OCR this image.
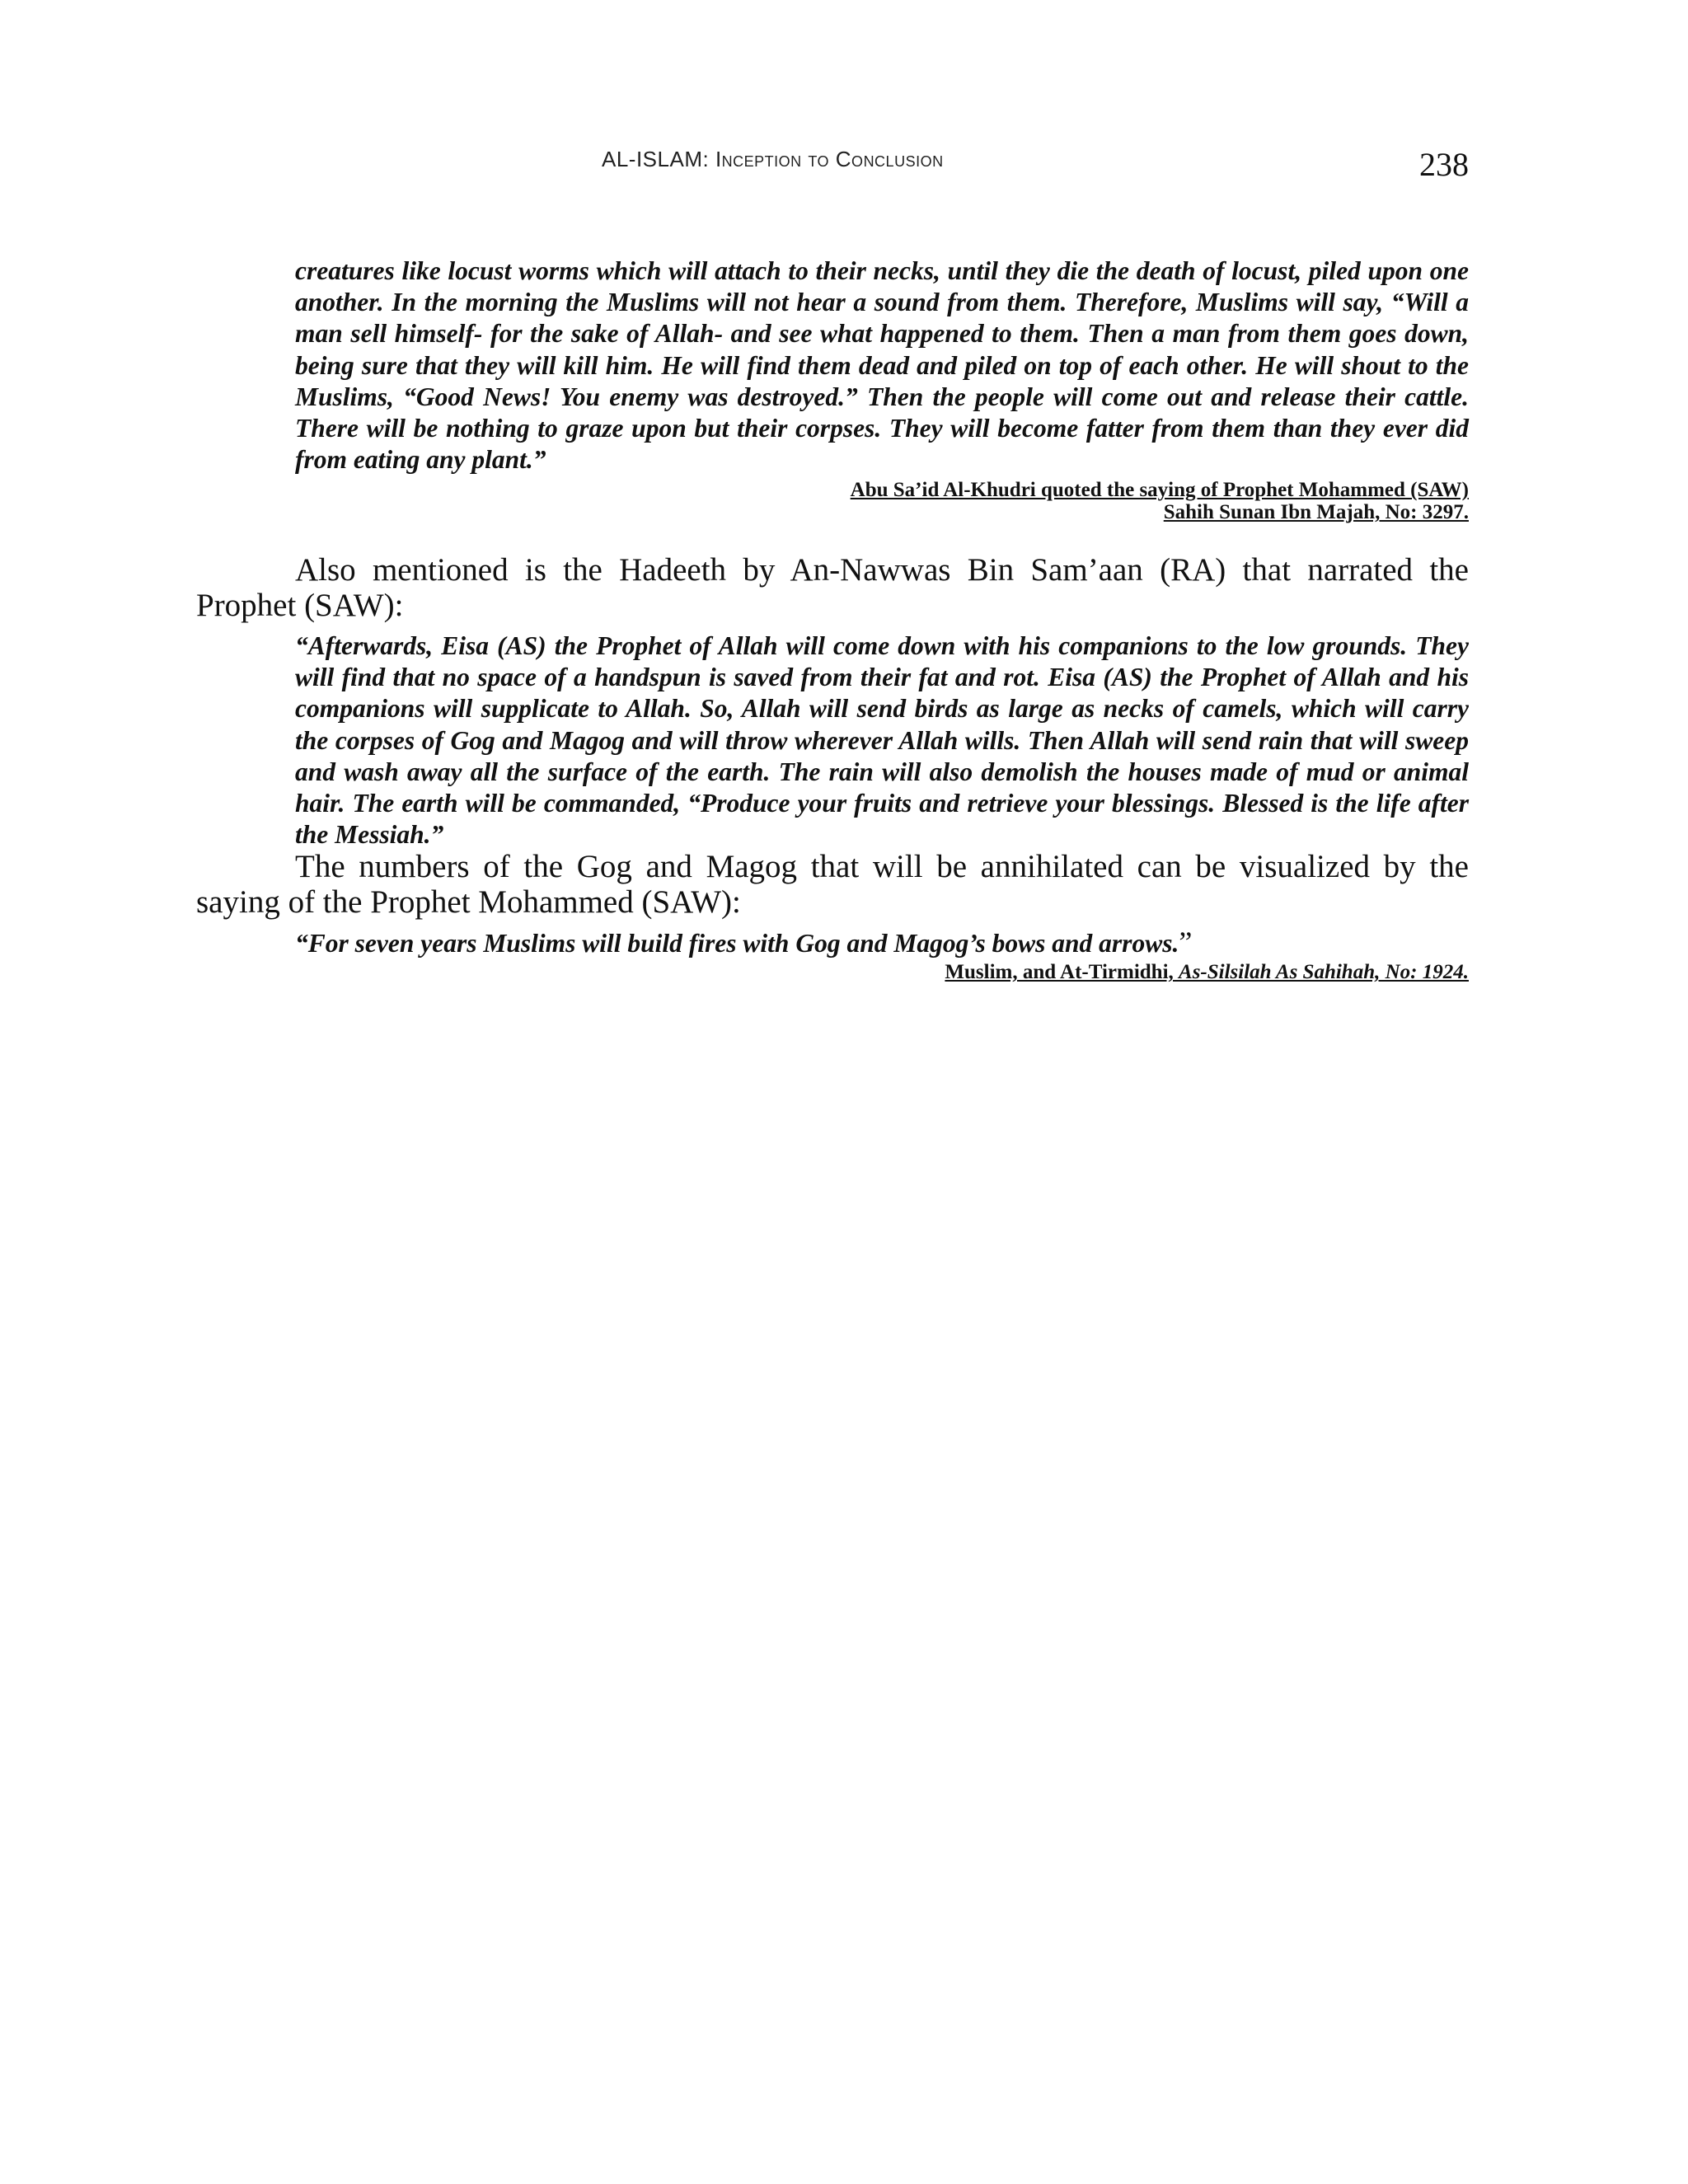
AL-ISLAM: Inception to Conclusion	238

creatures like locust worms which will attach to their necks, until they die the death of locust, piled upon one another. In the morning the Muslims will not hear a sound from them. Therefore, Muslims will say, “Will a man sell himself- for the sake of Allah- and see what happened to them. Then a man from them goes down, being sure that they will kill him. He will find them dead and piled on top of each other. He will shout to the Muslims, “Good News! You enemy was destroyed.” Then the people will come out and release their cattle. There will be nothing to graze upon but their corpses. They will become fatter from them than they ever did from eating any plant.”

Abu Sa’id Al-Khudri quoted the saying of Prophet Mohammed (SAW)

Sahih Sunan Ibn Majah, No: 3297.

Also mentioned is the Hadeeth by An-Nawwas Bin Sam’aan (RA) that narrated the Prophet (SAW):

“Afterwards, Eisa (AS) the Prophet of Allah will come down with his companions to the low grounds. They will find that no space of a handspun is saved from their fat and rot. Eisa (AS) the Prophet of Allah and his companions will supplicate to Allah. So, Allah will send birds as large as necks of camels, which will carry the corpses of Gog and Magog and will throw wherever Allah wills. Then Allah will send rain that will sweep and wash away all the surface of the earth. The rain will also demolish the houses made of mud or animal hair. The earth will be commanded, “Produce your fruits and retrieve your blessings. Blessed is the life after the Messiah.”

The numbers of the Gog and Magog that will be annihilated can be visualized by the saying of the Prophet Mohammed (SAW):

“For seven years Muslims will build fires with Gog and Magog’s bows and arrows.”

Muslim, and At-Tirmidhi, As-Silsilah As Sahihah, No: 1924.
